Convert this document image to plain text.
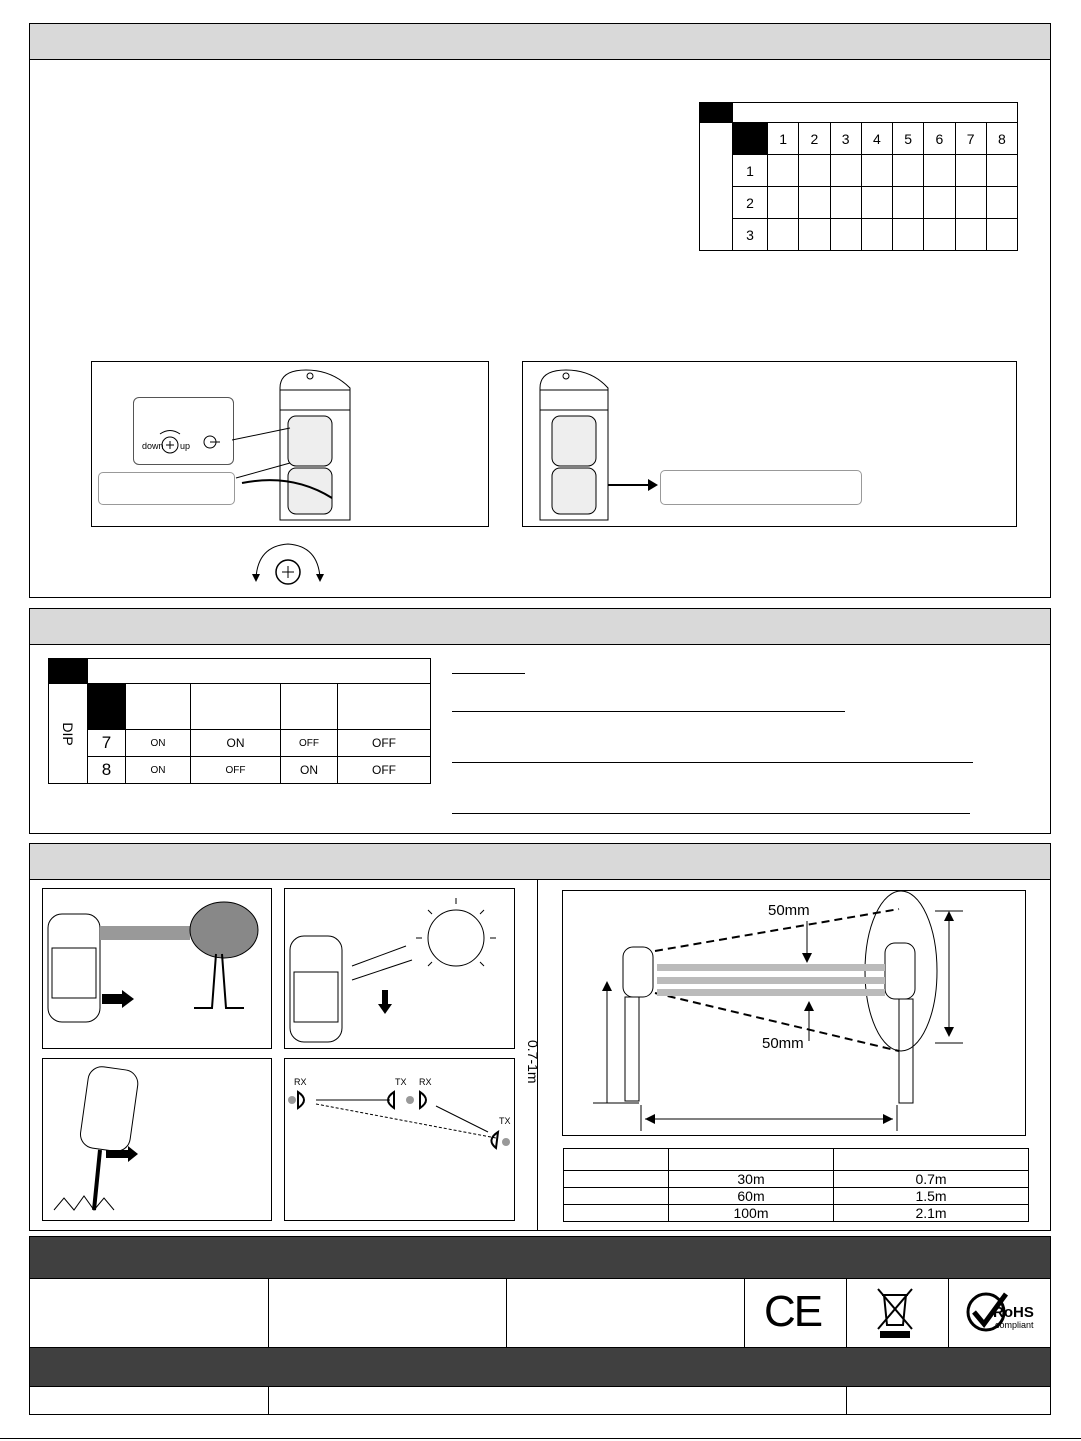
		1	2	3	4	5	6	7	8
	1								
	2								
	3								
down up

DIP					

	7	ON	ON	OFF	OFF
	8	ON	OFF	ON	OFF
RX	TX RX
TX
50mm
50mm
0.7-1m

	30m	0.7m
	60m	1.5m
	100m	2.1m
CE	RoHS
compliant
